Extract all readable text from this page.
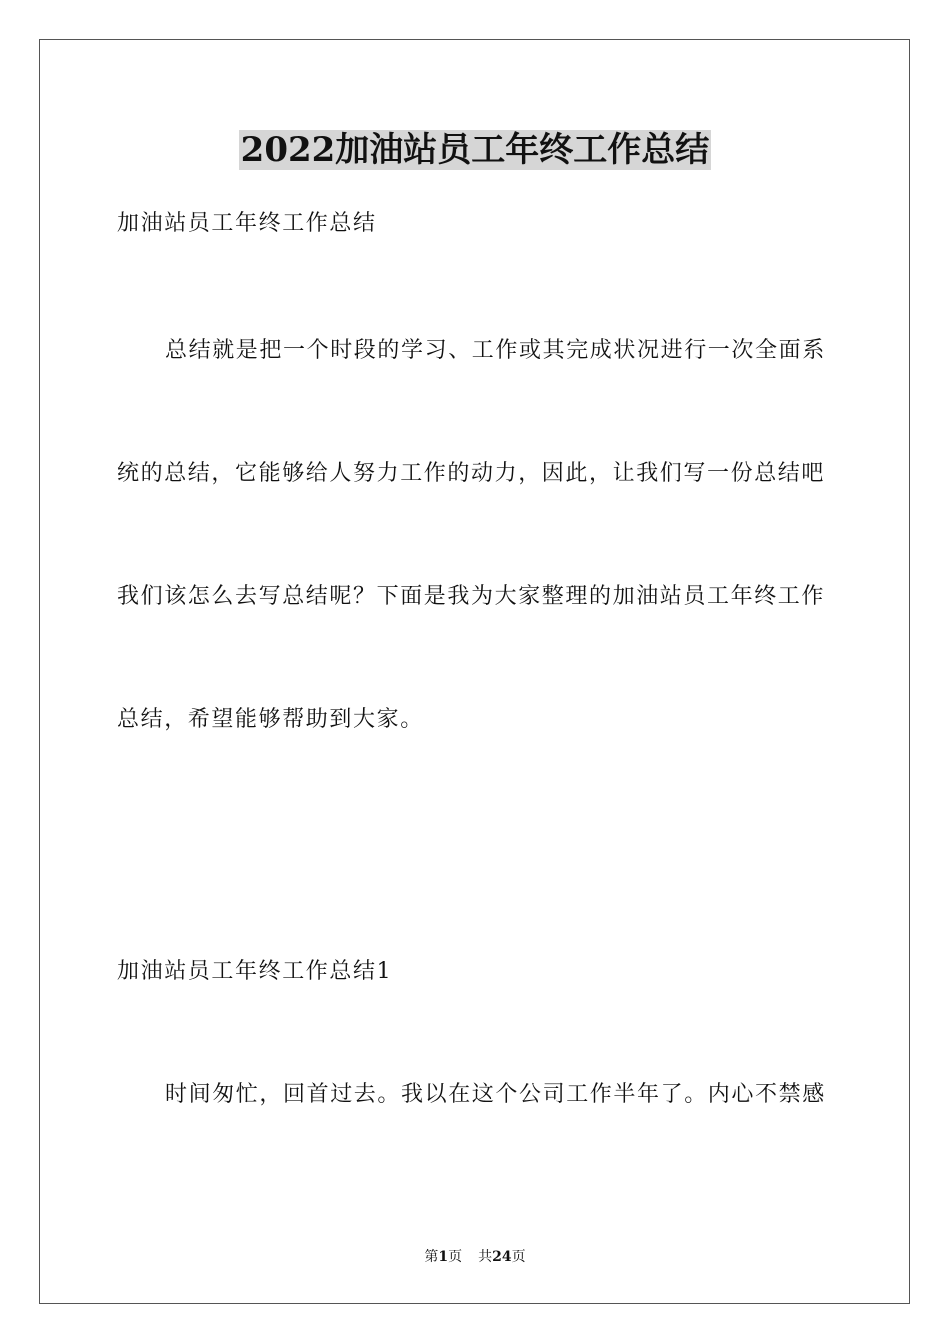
2022加油站员工年终工作总结
加油站员工年终工作总结
总结就是把一个时段的学习、工作或其完成状况进行一次全面系
统的总结，它能够给人努力工作的动力，因此，让我们写一份总结吧
我们该怎么去写总结呢？下面是我为大家整理的加油站员工年终工作
总结，希望能够帮助到大家。
加油站员工年终工作总结1
时间匆忙，回首过去。我以在这个公司工作半年了。内心不禁感
第1页 共24页
